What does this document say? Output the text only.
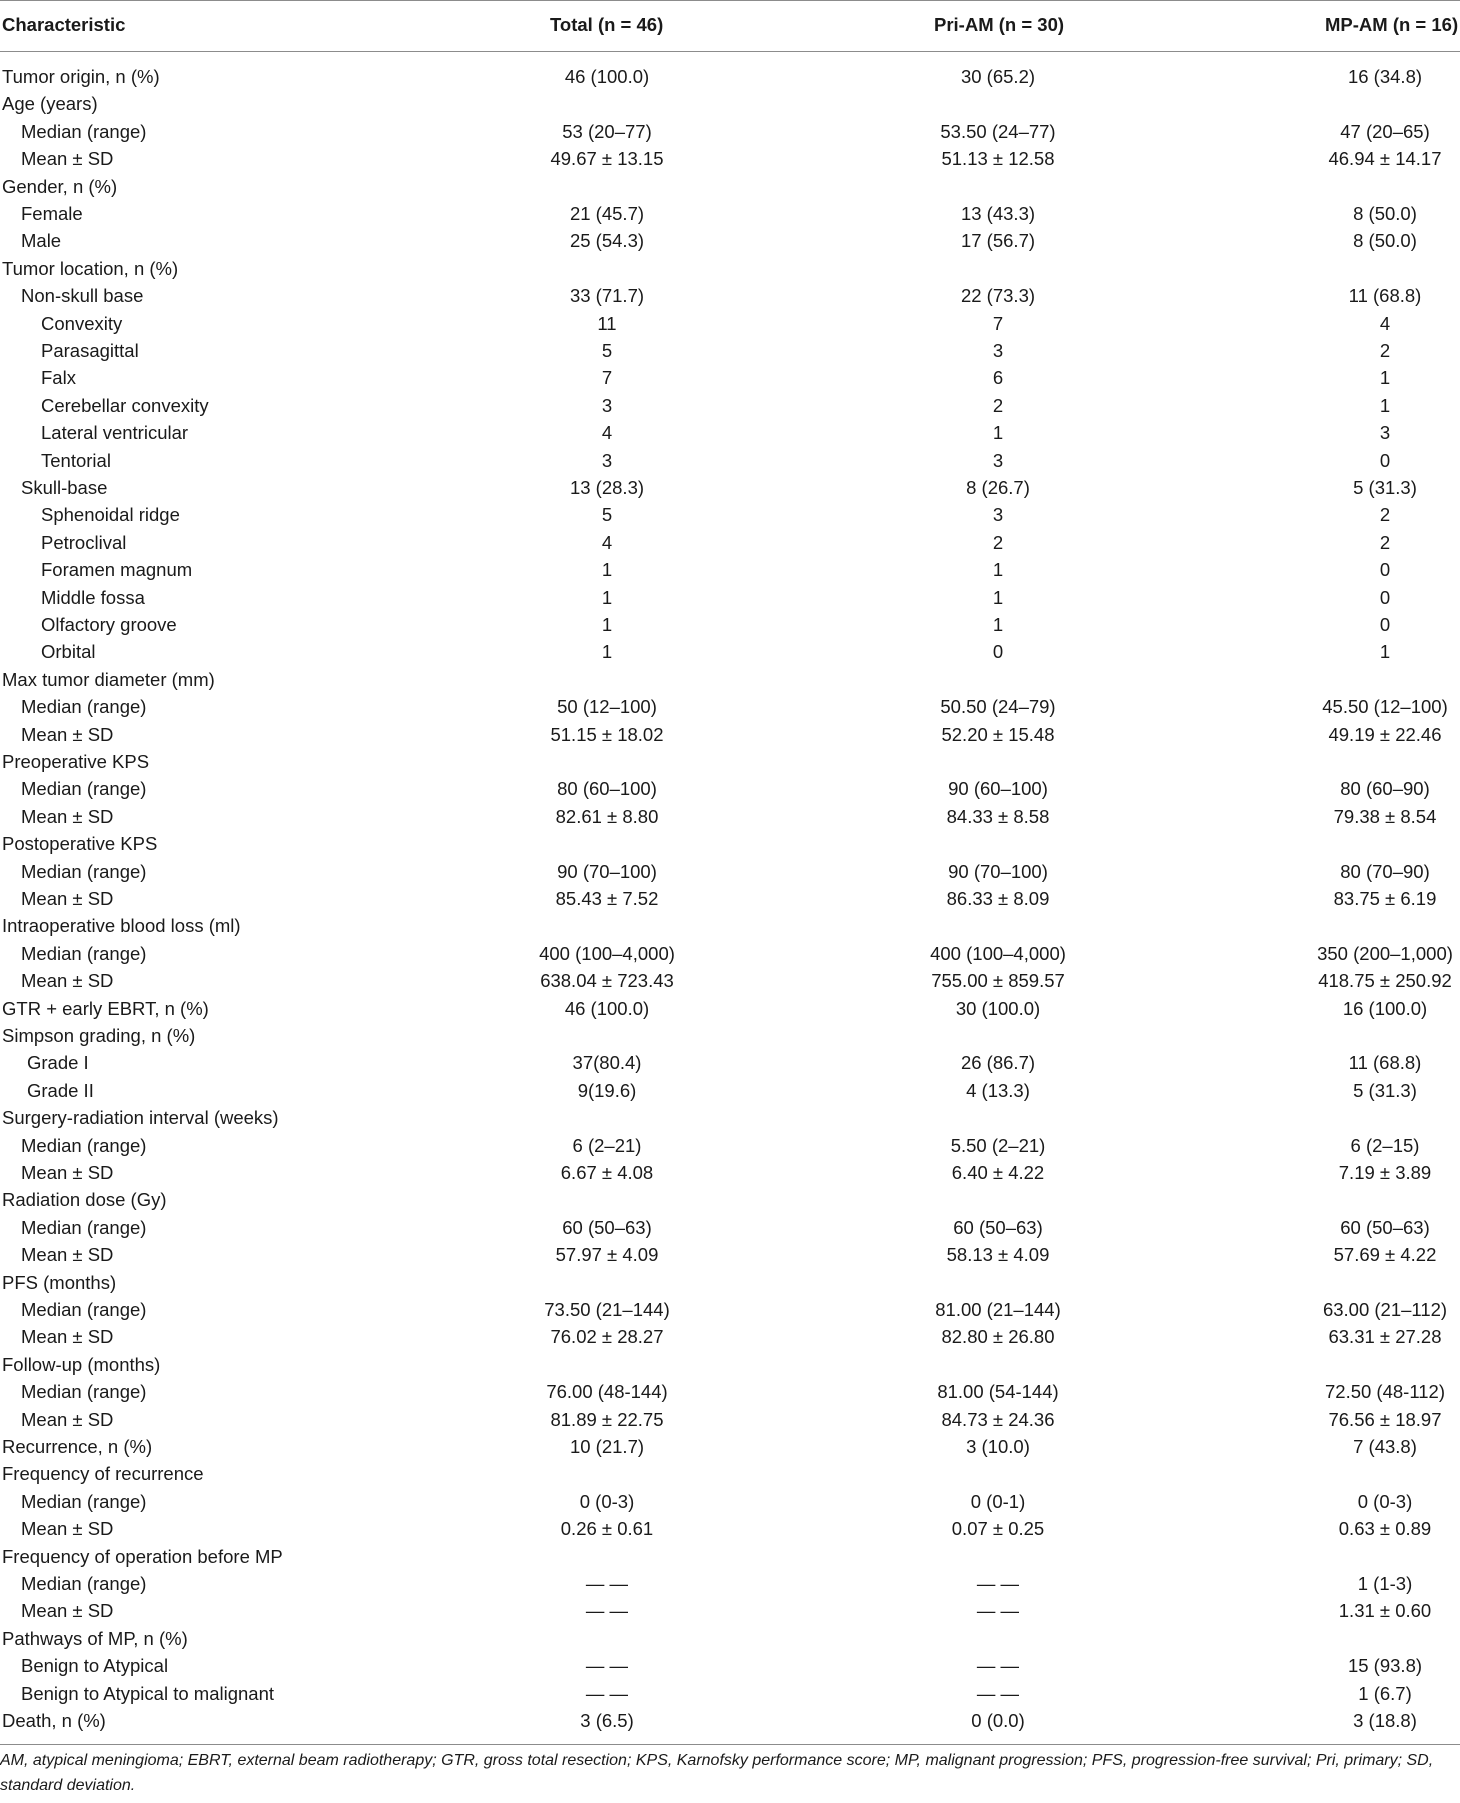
Characteristic	Total (n = 46)	Pri-AM (n = 30)	MP-AM (n = 16)
Tumor origin, n (%)	46 (100.0)	30 (65.2)	16 (34.8)
Age (years)
Median (range)	53 (20–77)	53.50 (24–77)	47 (20–65)
Mean ± SD	49.67 ± 13.15	51.13 ± 12.58	46.94 ± 14.17
Gender, n (%)
Female	21 (45.7)	13 (43.3)	8 (50.0)
Male	25 (54.3)	17 (56.7)	8 (50.0)
Tumor location, n (%)
Non-skull base	33 (71.7)	22 (73.3)	11 (68.8)
Convexity	11	7	4
Parasagittal	5	3	2
Falx	7	6	1
Cerebellar convexity	3	2	1
Lateral ventricular	4	1	3
Tentorial	3	3	0
Skull-base	13 (28.3)	8 (26.7)	5 (31.3)
Sphenoidal ridge	5	3	2
Petroclival	4	2	2
Foramen magnum	1	1	0
Middle fossa	1	1	0
Olfactory groove	1	1	0
Orbital	1	0	1
Max tumor diameter (mm)
Median (range)	50 (12–100)	50.50 (24–79)	45.50 (12–100)
Mean ± SD	51.15 ± 18.02	52.20 ± 15.48	49.19 ± 22.46
Preoperative KPS
Median (range)	80 (60–100)	90 (60–100)	80 (60–90)
Mean ± SD	82.61 ± 8.80	84.33 ± 8.58	79.38 ± 8.54
Postoperative KPS
Median (range)	90 (70–100)	90 (70–100)	80 (70–90)
Mean ± SD	85.43 ± 7.52	86.33 ± 8.09	83.75 ± 6.19
Intraoperative blood loss (ml)
Median (range)	400 (100–4,000)	400 (100–4,000)	350 (200–1,000)
Mean ± SD	638.04 ± 723.43	755.00 ± 859.57	418.75 ± 250.92
GTR + early EBRT, n (%)	46 (100.0)	30 (100.0)	16 (100.0)
Simpson grading, n (%)
Grade I	37(80.4)	26 (86.7)	11 (68.8)
Grade II	9(19.6)	4 (13.3)	5 (31.3)
Surgery-radiation interval (weeks)
Median (range)	6 (2–21)	5.50 (2–21)	6 (2–15)
Mean ± SD	6.67 ± 4.08	6.40 ± 4.22	7.19 ± 3.89
Radiation dose (Gy)
Median (range)	60 (50–63)	60 (50–63)	60 (50–63)
Mean ± SD	57.97 ± 4.09	58.13 ± 4.09	57.69 ± 4.22
PFS (months)
Median (range)	73.50 (21–144)	81.00 (21–144)	63.00 (21–112)
Mean ± SD	76.02 ± 28.27	82.80 ± 26.80	63.31 ± 27.28
Follow-up (months)
Median (range)	76.00 (48-144)	81.00 (54-144)	72.50 (48-112)
Mean ± SD	81.89 ± 22.75	84.73 ± 24.36	76.56 ± 18.97
Recurrence, n (%)	10 (21.7)	3 (10.0)	7 (43.8)
Frequency of recurrence
Median (range)	0 (0-3)	0 (0-1)	0 (0-3)
Mean ± SD	0.26 ± 0.61	0.07 ± 0.25	0.63 ± 0.89
Frequency of operation before MP
Median (range)	— —	— —	1 (1-3)
Mean ± SD	— —	— —	1.31 ± 0.60
Pathways of MP, n (%)
Benign to Atypical	— —	— —	15 (93.8)
Benign to Atypical to malignant	— —	— —	1 (6.7)
Death, n (%)	3 (6.5)	0 (0.0)	3 (18.8)
AM, atypical meningioma; EBRT, external beam radiotherapy; GTR, gross total resection; KPS, Karnofsky performance score; MP, malignant progression; PFS, progression-free survival; Pri, primary; SD, standard deviation.
